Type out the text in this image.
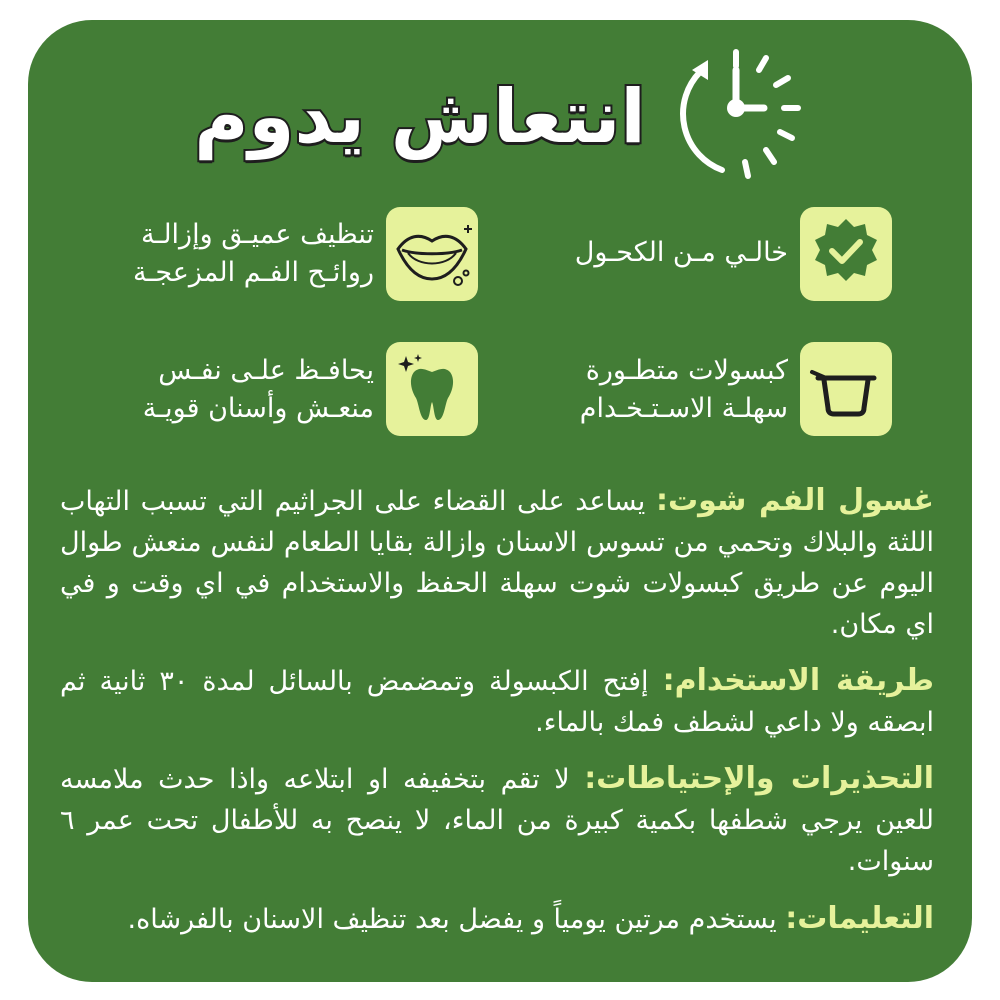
انتعاش يدوم
خالـي مـن الكحـول
تنظيف عميـق وإزالـة
روائـح الفـم المزعجـة
كبسولات متطـورة
سهلـة الاسـتـخـدام
يحافـظ علـى نفـس
منعـش وأسنان قويـة
غسول الفم شوت: يساعد على القضاء على الجراثيم التي تسبب التهاب اللثة والبلاك وتحمي من تسوس الاسنان وازالة بقايا الطعام لنفس منعش طوال اليوم عن طريق كبسولات شوت سهلة الحفظ والاستخدام في اي وقت و في اي مكان.
طريقة الاستخدام: إفتح الكبسولة وتمضمض بالسائل لمدة ٣٠ ثانية ثم ابصقه ولا داعي لشطف فمك بالماء.
التحذيرات والإحتياطات: لا تقم بتخفيفه او ابتلاعه واذا حدث ملامسه للعين يرجي شطفها بكمية كبيرة من الماء، لا ينصح به للأطفال تحت عمر ٦ سنوات.
التعليمات: يستخدم مرتين يومياً و يفضل بعد تنظيف الاسنان بالفرشاه.
